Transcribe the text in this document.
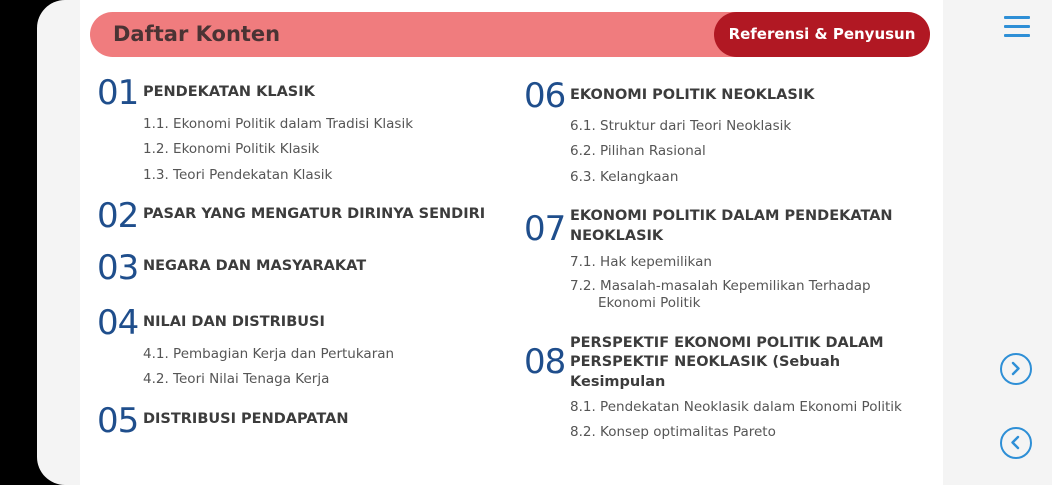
Daftar Konten	Referensi & Penyusun
01 PENDEKATAN KLASIK
1.1. Ekonomi Politik dalam Tradisi Klasik
1.2. Ekonomi Politik Klasik
1.3. Teori Pendekatan Klasik
02 PASAR YANG MENGATUR DIRINYA SENDIRI
03 NEGARA DAN MASYARAKAT
04 NILAI DAN DISTRIBUSI
4.1. Pembagian Kerja dan Pertukaran
4.2. Teori Nilai Tenaga Kerja
05 DISTRIBUSI PENDAPATAN
06 EKONOMI POLITIK NEOKLASIK
6.1. Struktur dari Teori Neoklasik
6.2. Pilihan Rasional
6.3. Kelangkaan
07 EKONOMI POLITIK DALAM PENDEKATAN
NEOKLASIK
7.1. Hak kepemilikan
7.2. Masalah-masalah Kepemilikan Terhadap
Ekonomi Politik
08 PERSPEKTIF EKONOMI POLITIK DALAM
PERSPEKTIF NEOKLASIK (Sebuah
Kesimpulan
8.1. Pendekatan Neoklasik dalam Ekonomi Politik
8.2. Konsep optimalitas Pareto
